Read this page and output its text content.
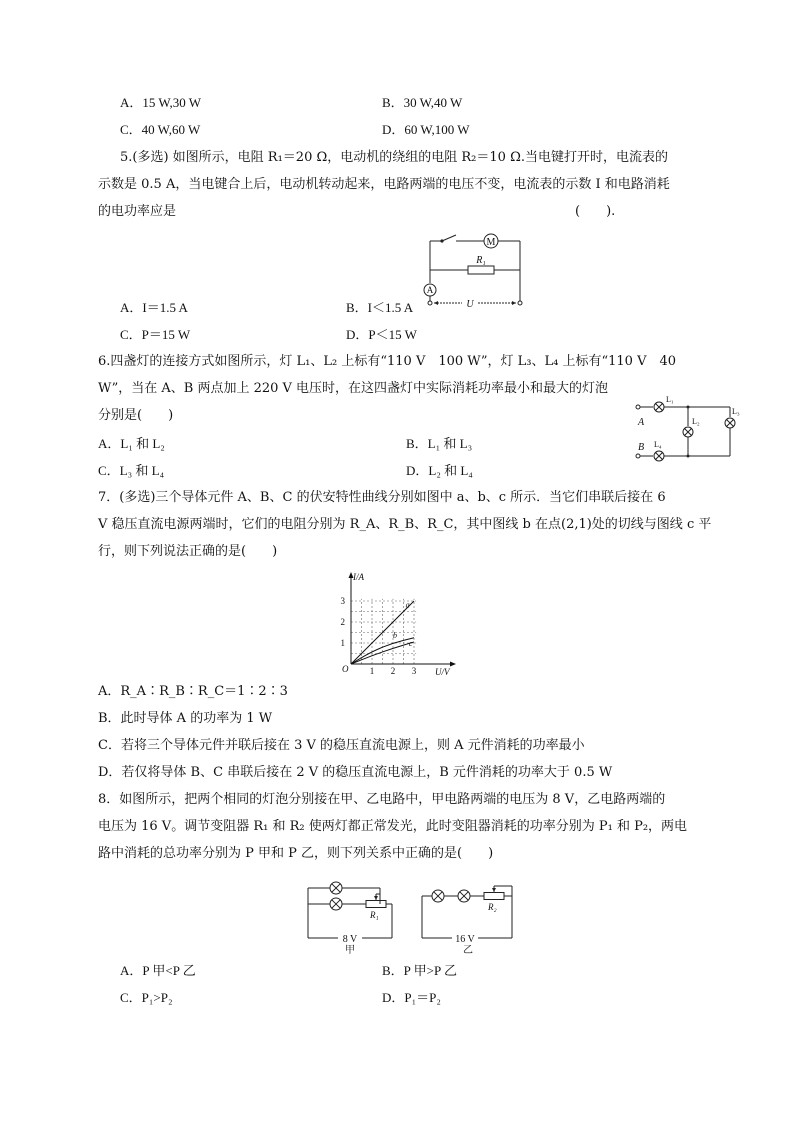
A．15 W,30 W	B．30 W,40 W
C．40 W,60 W	D．60 W,100 W
5.(多选) 如图所示，电阻 R₁＝20 Ω，电动机的绕组的电阻 R₂＝10 Ω.当电键打开时，电流表的
示数是 0.5 A，当电键合上后，电动机转动起来，电路两端的电压不变，电流表的示数 I 和电路消耗
的电功率应是	(　　).
M
R₁
A
U
A．I＝1.5 A	B．I＜1.5 A
C．P＝15 W	D．P＜15 W
6.四盏灯的连接方式如图所示，灯 L₁、L₂ 上标有“110 V　100 W”，灯 L₃、L₄ 上标有“110 V　40
W”，当在 A、B 两点加上 220 V 电压时，在这四盏灯中实际消耗功率最小和最大的灯泡
分别是(　　)	A
B
L₁
L₂
L₃
L₄
A．L₁ 和 L₂	B．L₁ 和 L₃
C．L₃ 和 L₄	D．L₂ 和 L₄
7．(多选)三个导体元件 A、B、C 的伏安特性曲线分别如图中 a、b、c 所示．当它们串联后接在 6
V 稳压直流电源两端时，它们的电阻分别为 R_A、R_B、R_C，其中图线 b 在点(2,1)处的切线与图线 c 平
行，则下列说法正确的是(　　)
1 2 3
1
2
3	a
b
c
I/A
U/V
O
A．R_A∶R_B∶R_C＝1∶2∶3
B．此时导体 A 的功率为 1 W
C．若将三个导体元件并联后接在 3 V 的稳压直流电源上，则 A 元件消耗的功率最小
D．若仅将导体 B、C 串联后接在 2 V 的稳压直流电源上，B 元件消耗的功率大于 0.5 W
8．如图所示，把两个相同的灯泡分别接在甲、乙电路中，甲电路两端的电压为 8 V，乙电路两端的
电压为 16 V。调节变阻器 R₁ 和 R₂ 使两灯都正常发光，此时变阻器消耗的功率分别为 P₁ 和 P₂，两电
路中消耗的总功率分别为 P 甲和 P 乙，则下列关系中正确的是(　　)
R₁
R₂
8 V	16 V
甲	乙
A．P 甲<P 乙	B．P 甲>P 乙
C．P₁>P₂	D．P₁＝P₂
